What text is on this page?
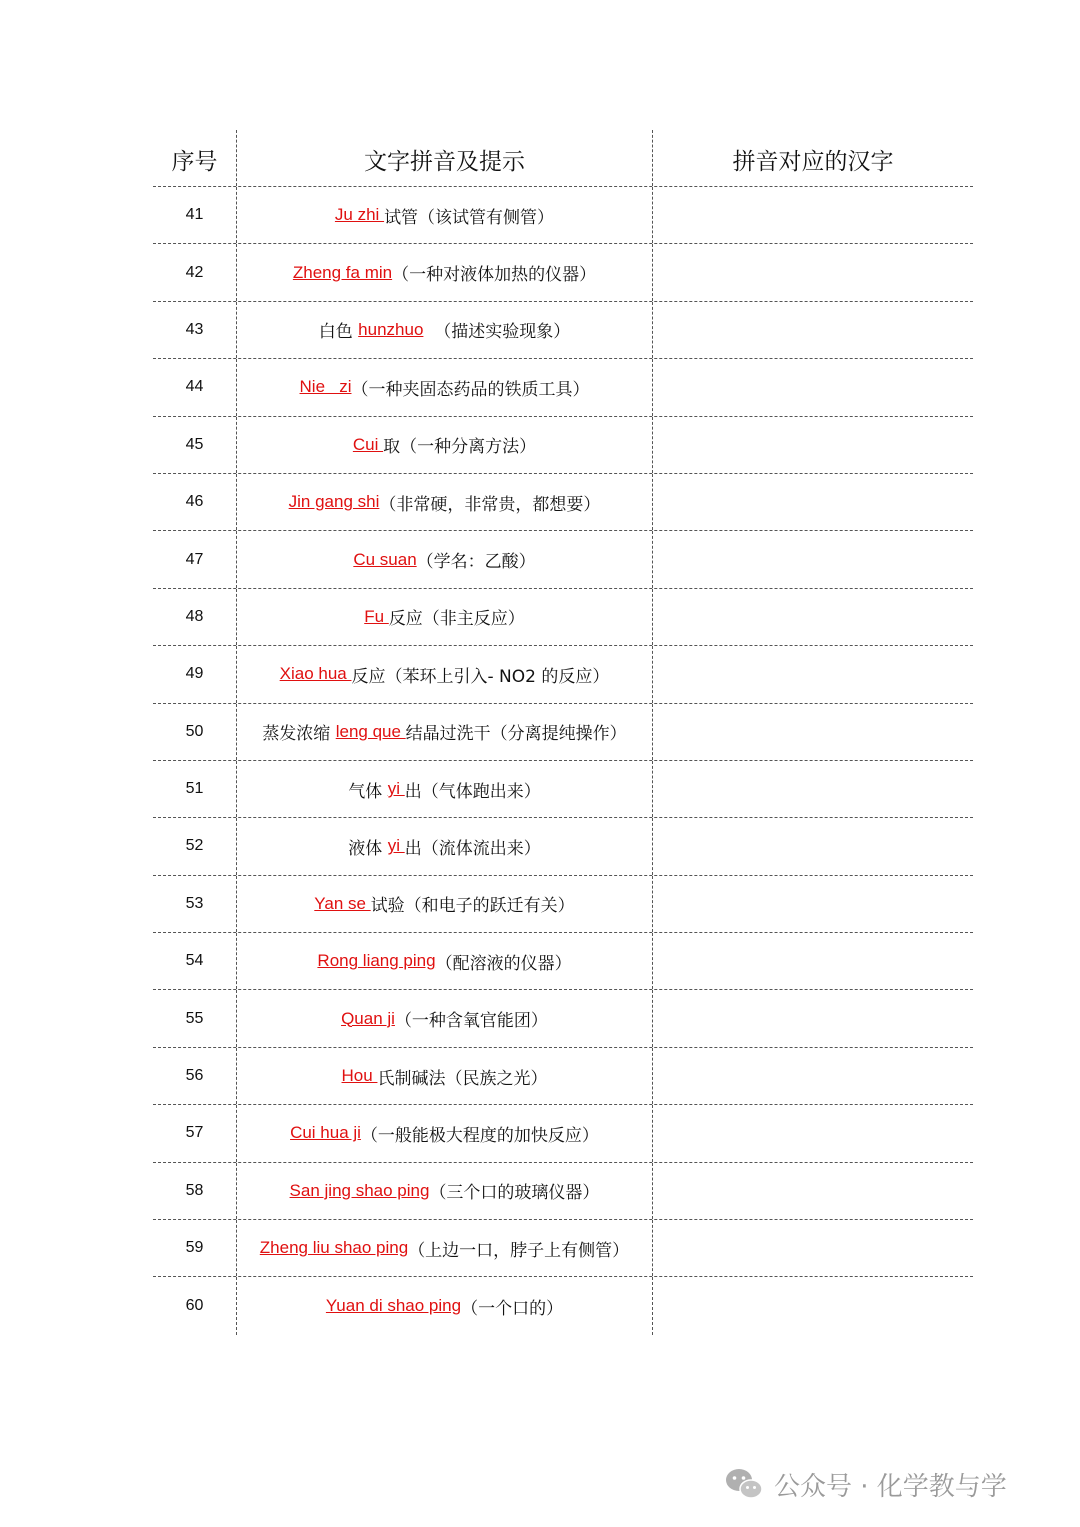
序号	文字拼音及提示	拼音对应的汉字
41	Ju zhi 试管（该试管有侧管）
42	Zheng fa min （一种对液体加热的仪器）
43	白色 hunzhuo （描述实验现象）
44	Nie   zi （一种夹固态药品的铁质工具）
45	Cui 取（一种分离方法）
46	Jin gang shi （非常硬，非常贵，都想要）
47	Cu suan （学名：乙酸）
48	Fu 反应（非主反应）
49	Xiao hua 反应（苯环上引入- NO2 的反应）
50	蒸发浓缩 leng que 结晶过洗干（分离提纯操作）
51	气体 yi 出（气体跑出来）
52	液体 yi 出（流体流出来）
53	Yan se 试验（和电子的跃迁有关）
54	Rong liang ping （配溶液的仪器）
55	Quan ji （一种含氧官能团）
56	Hou 氏制碱法（民族之光）
57	Cui hua ji （一般能极大程度的加快反应）
58	San jing shao ping （三个口的玻璃仪器）
59	Zheng liu shao ping （上边一口，脖子上有侧管）
60	Yuan di shao ping （一个口的）
公众号 · 化学教与学
